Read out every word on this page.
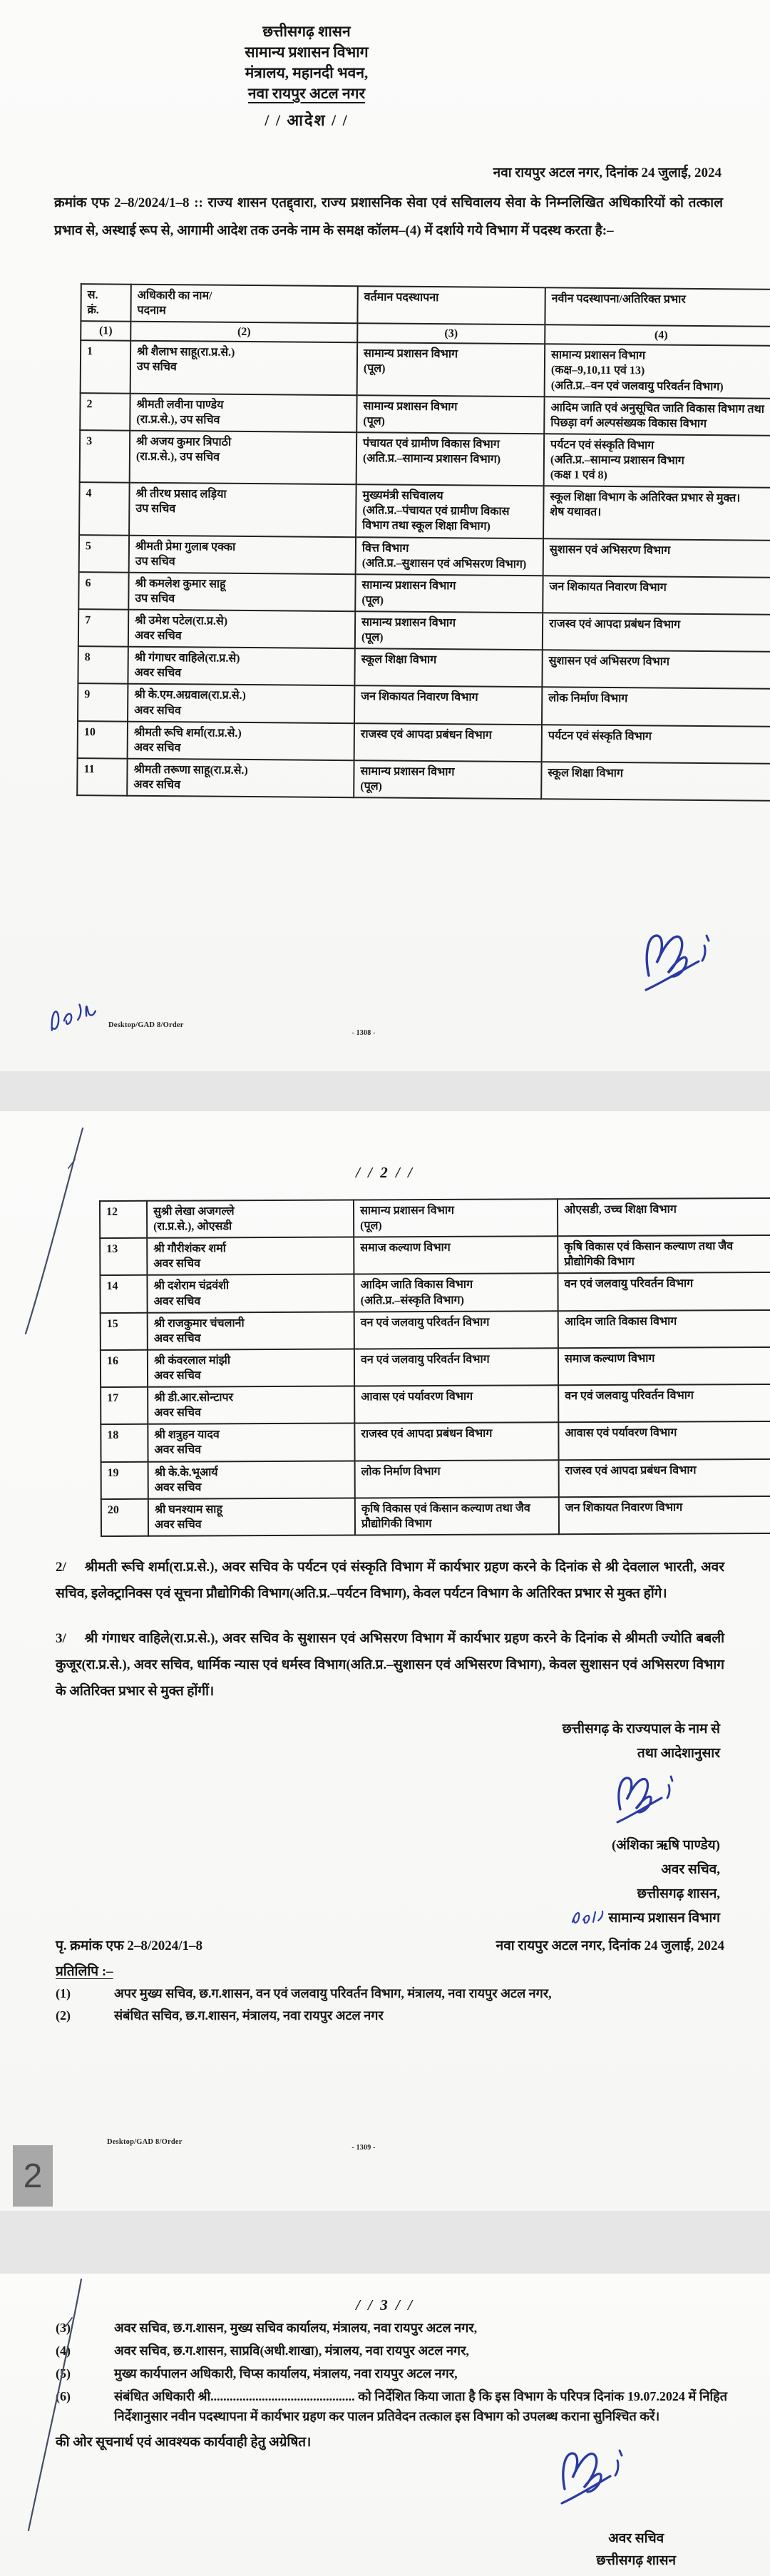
छत्तीसगढ़ शासन
सामान्य प्रशासन विभाग
मंत्रालय, महानदी भवन,
नवा रायपुर अटल नगर
/ / आदेश / /
नवा रायपुर अटल नगर, दिनांक 24 जुलाई, 2024
क्रमांक एफ 2–8/2024/1–8 :: राज्य शासन एतद्द्वारा, राज्य प्रशासनिक सेवा एवं सचिवालय सेवा के निम्नलिखित अधिकारियों को तत्काल प्रभाव से, अस्थाई रूप से, आगामी आदेश तक उनके नाम के समक्ष कॉलम–(4) में दर्शाये गये विभाग में पदस्थ करता है:–
स.
क्रं.	अधिकारी का नाम/
पदनाम	वर्तमान पदस्थापना	नवीन पदस्थापना/अतिरिक्त प्रभार
(1)	(2)	(3)	(4)
1	श्री शैलाभ साहू(रा.प्र.से.)
उप सचिव	सामान्य प्रशासन विभाग
(पूल)	सामान्य प्रशासन विभाग
(कक्ष–9,10,11 एवं 13)
(अति.प्र.–वन एवं जलवायु परिवर्तन विभाग)
2	श्रीमती लवीना पाण्डेय
(रा.प्र.से.), उप सचिव	सामान्य प्रशासन विभाग
(पूल)	आदिम जाति एवं अनुसूचित जाति विकास विभाग तथा पिछड़ा वर्ग अल्पसंख्यक विकास विभाग
3	श्री अजय कुमार त्रिपाठी
(रा.प्र.से.), उप सचिव	पंचायत एवं ग्रामीण विकास विभाग
(अति.प्र.–सामान्य प्रशासन विभाग)	पर्यटन एवं संस्कृति विभाग
(अति.प्र.–सामान्य प्रशासन विभाग
(कक्ष 1 एवं 8)
4	श्री तीरथ प्रसाद लड़िया
उप सचिव	मुख्यमंत्री सचिवालय
(अति.प्र.–पंचायत एवं ग्रामीण विकास विभाग तथा स्कूल शिक्षा विभाग)	स्कूल शिक्षा विभाग के अतिरिक्त प्रभार से मुक्त।
शेष यथावत।
5	श्रीमती प्रेमा गुलाब एक्का
उप सचिव	वित्त विभाग
(अति.प्र.–सुशासन एवं अभिसरण विभाग)	सुशासन एवं अभिसरण विभाग
6	श्री कमलेश कुमार साहू
उप सचिव	सामान्य प्रशासन विभाग
(पूल)	जन शिकायत निवारण विभाग
7	श्री उमेश पटेल(रा.प्र.से)
अवर सचिव	सामान्य प्रशासन विभाग
(पूल)	राजस्व एवं आपदा प्रबंधन विभाग
8	श्री गंगाधर वाहिले(रा.प्र.से)
अवर सचिव	स्कूल शिक्षा विभाग	सुशासन एवं अभिसरण विभाग
9	श्री के.एम.अग्रवाल(रा.प्र.से.)
अवर सचिव	जन शिकायत निवारण विभाग	लोक निर्माण विभाग
10	श्रीमती रूचि शर्मा(रा.प्र.से.)
अवर सचिव	राजस्व एवं आपदा प्रबंधन विभाग	पर्यटन एवं संस्कृति विभाग
11	श्रीमती तरूणा साहू(रा.प्र.से.)
अवर सचिव	सामान्य प्रशासन विभाग
(पूल)	स्कूल शिक्षा विभाग
Desktop/GAD 8/Order
- 1308 -
/ / 2 / /
12	सुश्री लेखा अजगल्ले
(रा.प्र.से.), ओएसडी	सामान्य प्रशासन विभाग
(पूल)	ओएसडी, उच्च शिक्षा विभाग
13	श्री गौरीशंकर शर्मा
अवर सचिव	समाज कल्याण विभाग	कृषि विकास एवं किसान कल्याण तथा जैव प्रौद्योगिकी विभाग
14	श्री दशेराम चंद्रवंशी
अवर सचिव	आदिम जाति विकास विभाग
(अति.प्र.–संस्कृति विभाग)	वन एवं जलवायु परिवर्तन विभाग
15	श्री राजकुमार चंचलानी
अवर सचिव	वन एवं जलवायु परिवर्तन विभाग	आदिम जाति विकास विभाग
16	श्री कंवरलाल मांझी
अवर सचिव	वन एवं जलवायु परिवर्तन विभाग	समाज कल्याण विभाग
17	श्री डी.आर.सोन्टापर
अवर सचिव	आवास एवं पर्यावरण विभाग	वन एवं जलवायु परिवर्तन विभाग
18	श्री शत्रुहन यादव
अवर सचिव	राजस्व एवं आपदा प्रबंधन विभाग	आवास एवं पर्यावरण विभाग
19	श्री के.के.भूआर्य
अवर सचिव	लोक निर्माण विभाग	राजस्व एवं आपदा प्रबंधन विभाग
20	श्री घनश्याम साहू
अवर सचिव	कृषि विकास एवं किसान कल्याण तथा जैव प्रौद्योगिकी विभाग	जन शिकायत निवारण विभाग
2/ श्रीमती रूचि शर्मा(रा.प्र.से.), अवर सचिव के पर्यटन एवं संस्कृति विभाग में कार्यभार ग्रहण करने के दिनांक से श्री देवलाल भारती, अवर सचिव, इलेक्ट्रानिक्स एवं सूचना प्रौद्योगिकी विभाग(अति.प्र.–पर्यटन विभाग), केवल पर्यटन विभाग के अतिरिक्त प्रभार से मुक्त होंगे।
3/ श्री गंगाधर वाहिले(रा.प्र.से.), अवर सचिव के सुशासन एवं अभिसरण विभाग में कार्यभार ग्रहण करने के दिनांक से श्रीमती ज्योति बबली कुजूर(रा.प्र.से.), अवर सचिव, धार्मिक न्यास एवं धर्मस्व विभाग(अति.प्र.–सुशासन एवं अभिसरण विभाग), केवल सुशासन एवं अभिसरण विभाग के अतिरिक्त प्रभार से मुक्त होंगीं।
छत्तीसगढ़ के राज्यपाल के नाम से
तथा आदेशानुसार
(अंशिका ऋषि पाण्डेय)
अवर सचिव,
छत्तीसगढ़ शासन,
सामान्य प्रशासन विभाग
पृ. क्रमांक एफ 2–8/2024/1–8	नवा रायपुर अटल नगर, दिनांक 24 जुलाई, 2024
प्रतिलिपि :–
(1)	अपर मुख्य सचिव, छ.ग.शासन, वन एवं जलवायु परिवर्तन विभाग, मंत्रालय, नवा रायपुर अटल नगर,
(2)	संबंधित सचिव, छ.ग.शासन, मंत्रालय, नवा रायपुर अटल नगर
2
Desktop/GAD 8/Order
- 1309 -
/ / 3 / /
(3)	अवर सचिव, छ.ग.शासन, मुख्य सचिव कार्यालय, मंत्रालय, नवा रायपुर अटल नगर,
(4)	अवर सचिव, छ.ग.शासन, साप्रवि(अधी.शाखा), मंत्रालय, नवा रायपुर अटल नगर,
(5)	मुख्य कार्यपालन अधिकारी, चिप्स कार्यालय, मंत्रालय, नवा रायपुर अटल नगर,
(6)	संबंधित अधिकारी श्री............................................. को निर्देशित किया जाता है कि इस विभाग के परिपत्र दिनांक 19.07.2024 में निहित निर्देशानुसार नवीन पदस्थापना में कार्यभार ग्रहण कर पालन प्रतिवेदन तत्काल इस विभाग को उपलब्ध कराना सुनिश्चित करें।
की ओर सूचनार्थ एवं आवश्यक कार्यवाही हेतु अग्रेषित।
अवर सचिव
छत्तीसगढ़ शासन
